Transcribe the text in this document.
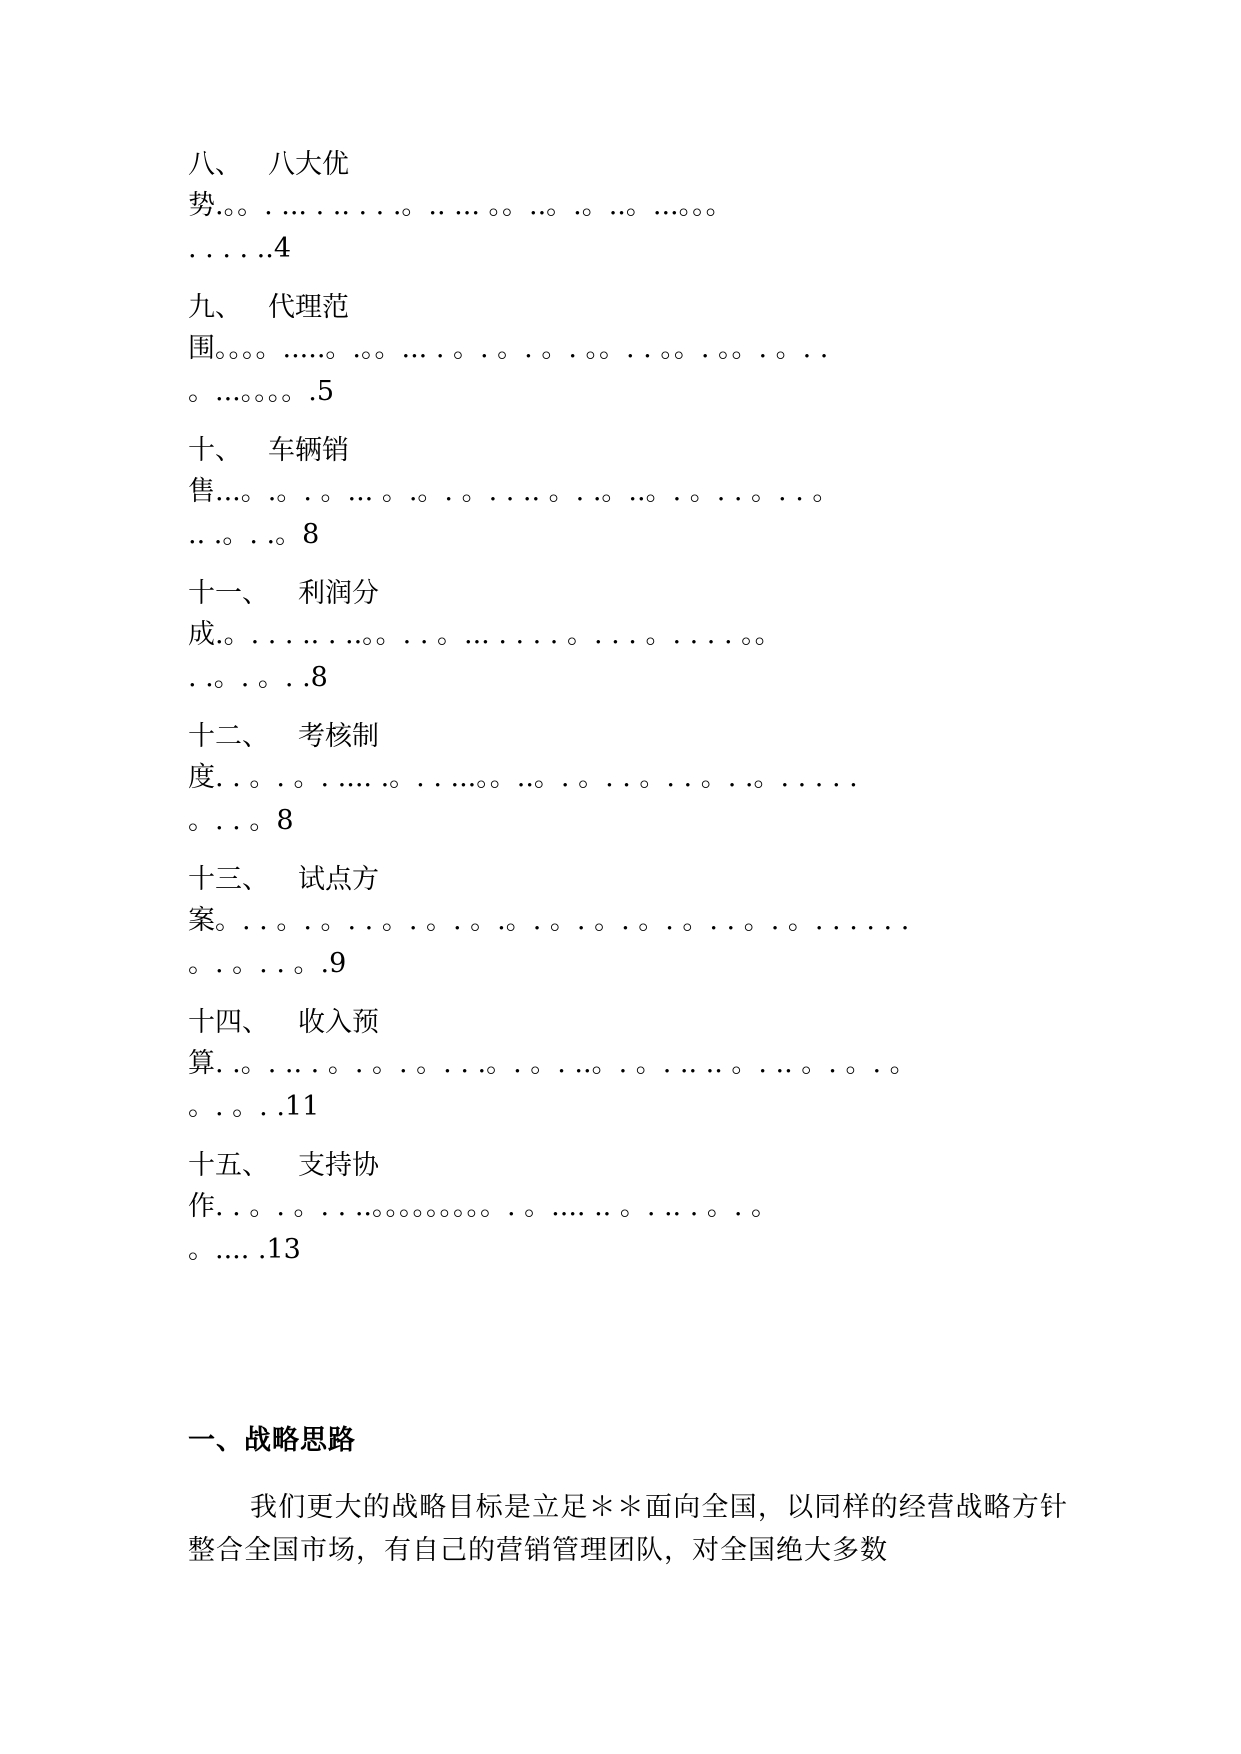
八、 八大优
势.。。. ... . .. . . .。.. ... 。。..。.。..。...。。。
. . . . ..4
九、 代理范
围。。。。.....。.。。... . 。. 。. 。. 。。. . 。。. 。。. 。. .
。...。。。。.5
十、 车辆销
售...。.。. 。... 。.。. 。. . .. 。. .。..。. 。. . 。. . 。
.. .。. .。8
十一、	利润分
成.。. . . .. . ..。。. . 。... . . . . 。. . . 。. . . . 。。
. .。. 。. .8
十二、	考核制
度. . 。. 。. .... .。. . ...。。..。. 。. . 。. . 。. .。. . . . .
。. . 。8
十三、	试点方
案。. . 。. 。. . 。. 。. 。.。. 。. 。. 。. 。. . 。. 。. . . . . .
。. 。. . 。.9
十四、	收入预
算. .。. .. . 。. 。. 。. . .。. 。. ..。. 。. .. .. 。. .. 。. 。. 。
。. 。. .11
十五、	支持协
作. . 。. 。. . ..。。。。。。。。。. 。.... .. 。. .. . 。. 。
。.... .13
一、战略思路
我们更大的战略目标是立足＊＊面向全国，以同样的经营战略方针整合全国市场，有自己的营销管理团队，对全国绝大多数
